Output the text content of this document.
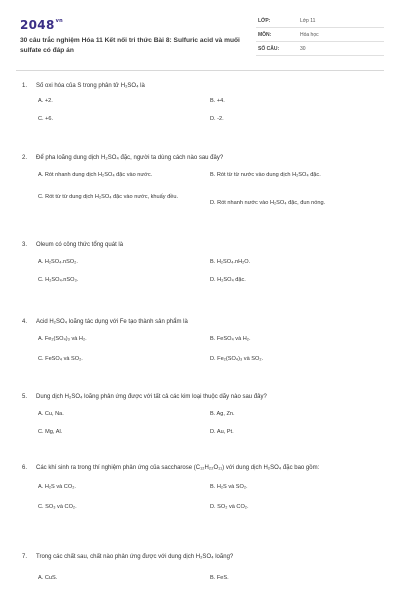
$2048^{vn}$
30 câu trắc nghiệm Hóa 11 Kết nối tri thức Bài 8: Sulfuric acid và muối sulfate có đáp án
LỚP:	Lớp 11
MÔN:	Hóa học
SỐ CÂU:	30
1. Số oxi hóa của S trong phân tử H₂SO₄ là
A. +2.	B. +4.
C. +6.	D. -2.
2. Để pha loãng dung dịch H₂SO₄ đặc, người ta dùng cách nào sau đây?
A. Rót nhanh dung dịch H₂SO₄ đặc vào nước.	B. Rót từ từ nước vào dung dịch H₂SO₄ đặc.
C. Rót từ từ dung dịch H₂SO₄ đặc vào nước, khuấy đều.
D. Rót nhanh nước vào H₂SO₄ đặc, đun nóng.
3. Oleum có công thức tổng quát là
A. H₂SO₄.nSO₂.	B. H₂SO₄.nH₂O.
C. H₂SO₄.nSO₃.	D. H₂SO₄ đặc.
4. Acid H₂SO₄ loãng tác dụng với Fe tạo thành sản phẩm là
A. Fe₂(SO₄)₃ và H₂.	B. FeSO₄ và H₂.
C. FeSO₄ và SO₂.	D. Fe₂(SO₄)₃ và SO₂.
5. Dung dịch H₂SO₄ loãng phản ứng được với tất cả các kim loại thuộc dãy nào sau đây?
A. Cu, Na.	B. Ag, Zn.
C. Mg, Al.	D. Au, Pt.
6. Các khí sinh ra trong thí nghiệm phản ứng của saccharose (C₁₂H₂₂O₁₁) với dung dịch H₂SO₄ đặc bao gồm:
A. H₂S và CO₂.	B. H₂S và SO₂.
C. SO₃ và CO₂.	D. SO₂ và CO₂.
7. Trong các chất sau, chất nào phản ứng được với dung dịch H₂SO₄ loãng?
A. CuS.	B. FeS.
